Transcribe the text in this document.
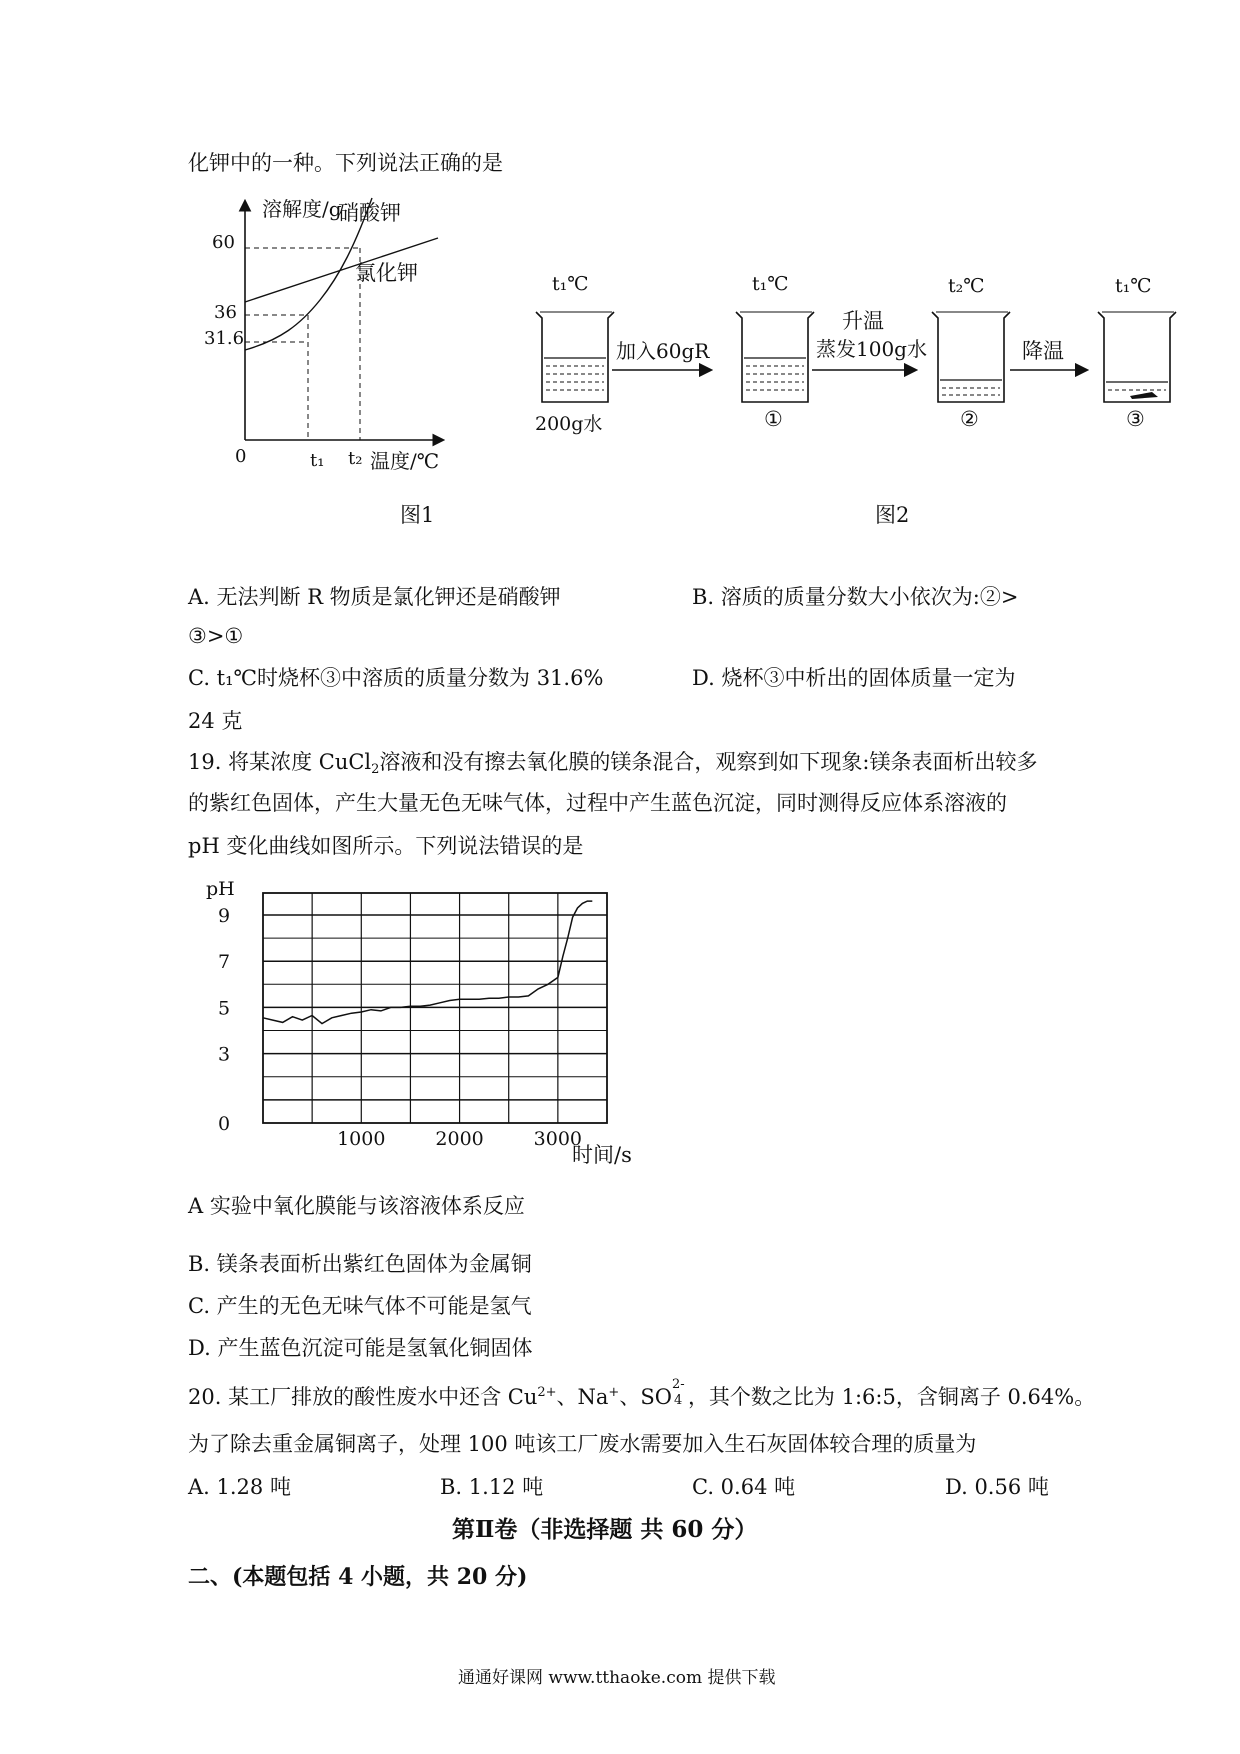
化钾中的一种。下列说法正确的是
溶解度/g
温度/℃
0
60
36
31.6
t₁ t₂
硝酸钾
氯化钾
图1
t₁℃
200g水
加入60gR
t₁℃
①
升温
蒸发100g水
t₂℃
②
降温
t₁℃
③
图2
A. 无法判断 R 物质是氯化钾还是硝酸钾	B. 溶质的质量分数大小依次为:②>
③>①
C. t₁℃时烧杯③中溶质的质量分数为 31.6%	D. 烧杯③中析出的固体质量一定为
24 克
19. 将某浓度 CuCl$_2$溶液和没有擦去氧化膜的镁条混合，观察到如下现象:镁条表面析出较多
的紫红色固体，产生大量无色无味气体，过程中产生蓝色沉淀，同时测得反应体系溶液的
pH 变化曲线如图所示。下列说法错误的是
pH
时间/s
0
3
5
7
9
1000	2000	3000
A 实验中氧化膜能与该溶液体系反应
B. 镁条表面析出紫红色固体为金属铜
C. 产生的无色无味气体不可能是氢气
D. 产生蓝色沉淀可能是氢氧化铜固体
20. 某工厂排放的酸性废水中还含 $Cu^{2+}$、Na+、SO
2-
4 ，其个数之比为 1:6:5，含铜离子 0.64%。
为了除去重金属铜离子，处理 100 吨该工厂废水需要加入生石灰固体较合理的质量为
A. 1.28 吨	B. 1.12 吨	C. 0.64 吨	D. 0.56 吨
第Ⅱ卷（非选择题 共 60 分）
二、(本题包括 4 小题，共 20 分)
通通好课网 www.tthaoke.com 提供下载
